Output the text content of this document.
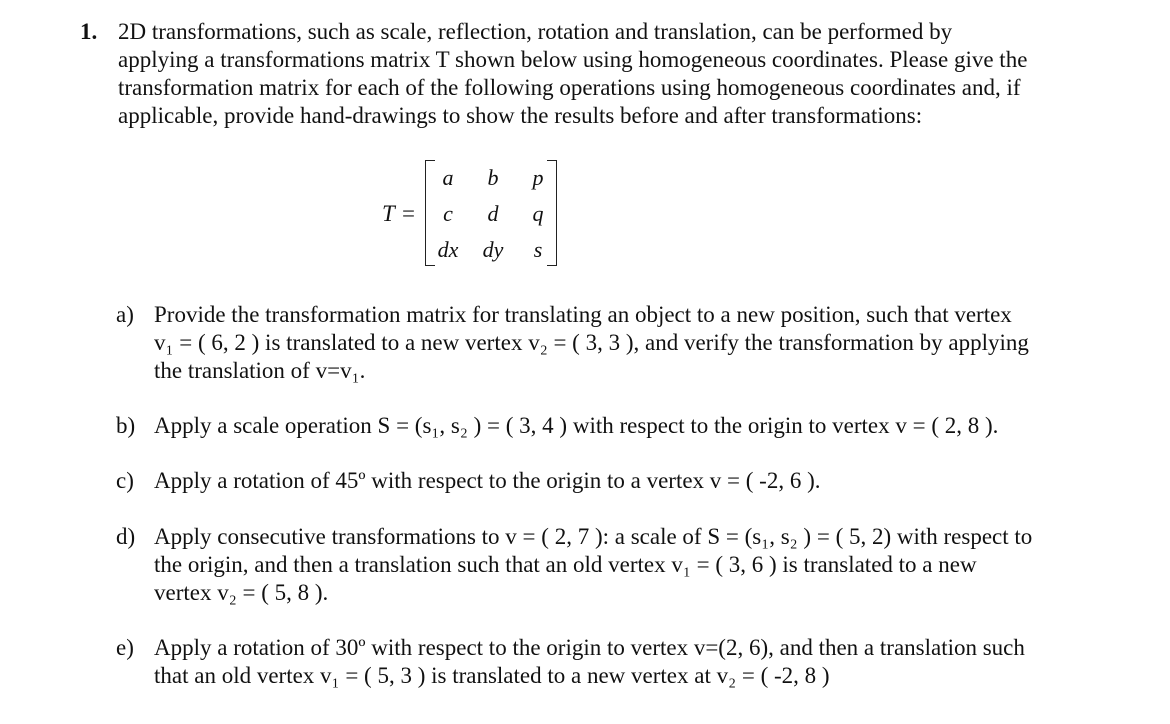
1. 2D transformations, such as scale, reflection, rotation and translation, can be performed by
applying a transformations matrix T shown below using homogeneous coordinates. Please give the
transformation matrix for each of the following operations using homogeneous coordinates and, if
applicable, provide hand-drawings to show the results before and after transformations:
T =
a	b	p
c	d	q
dx	dy	s
a) Provide the transformation matrix for translating an object to a new position, such that vertex
v₁ = ( 6, 2 ) is translated to a new vertex v₂ = ( 3, 3 ), and verify the transformation by applying
the translation of v=v₁.
b) Apply a scale operation S = (s₁, s₂ ) = ( 3, 4 ) with respect to the origin to vertex v = ( 2, 8 ).
c) Apply a rotation of 45º with respect to the origin to a vertex v = ( -2, 6 ).
d) Apply consecutive transformations to v = ( 2, 7 ): a scale of S = (s₁, s₂ ) = ( 5, 2) with respect to
the origin, and then a translation such that an old vertex v₁ = ( 3, 6 ) is translated to a new
vertex v₂ = ( 5, 8 ).
e) Apply a rotation of 30º with respect to the origin to vertex v=(2, 6), and then a translation such
that an old vertex v₁ = ( 5, 3 ) is translated to a new vertex at v₂ = ( -2, 8 )
